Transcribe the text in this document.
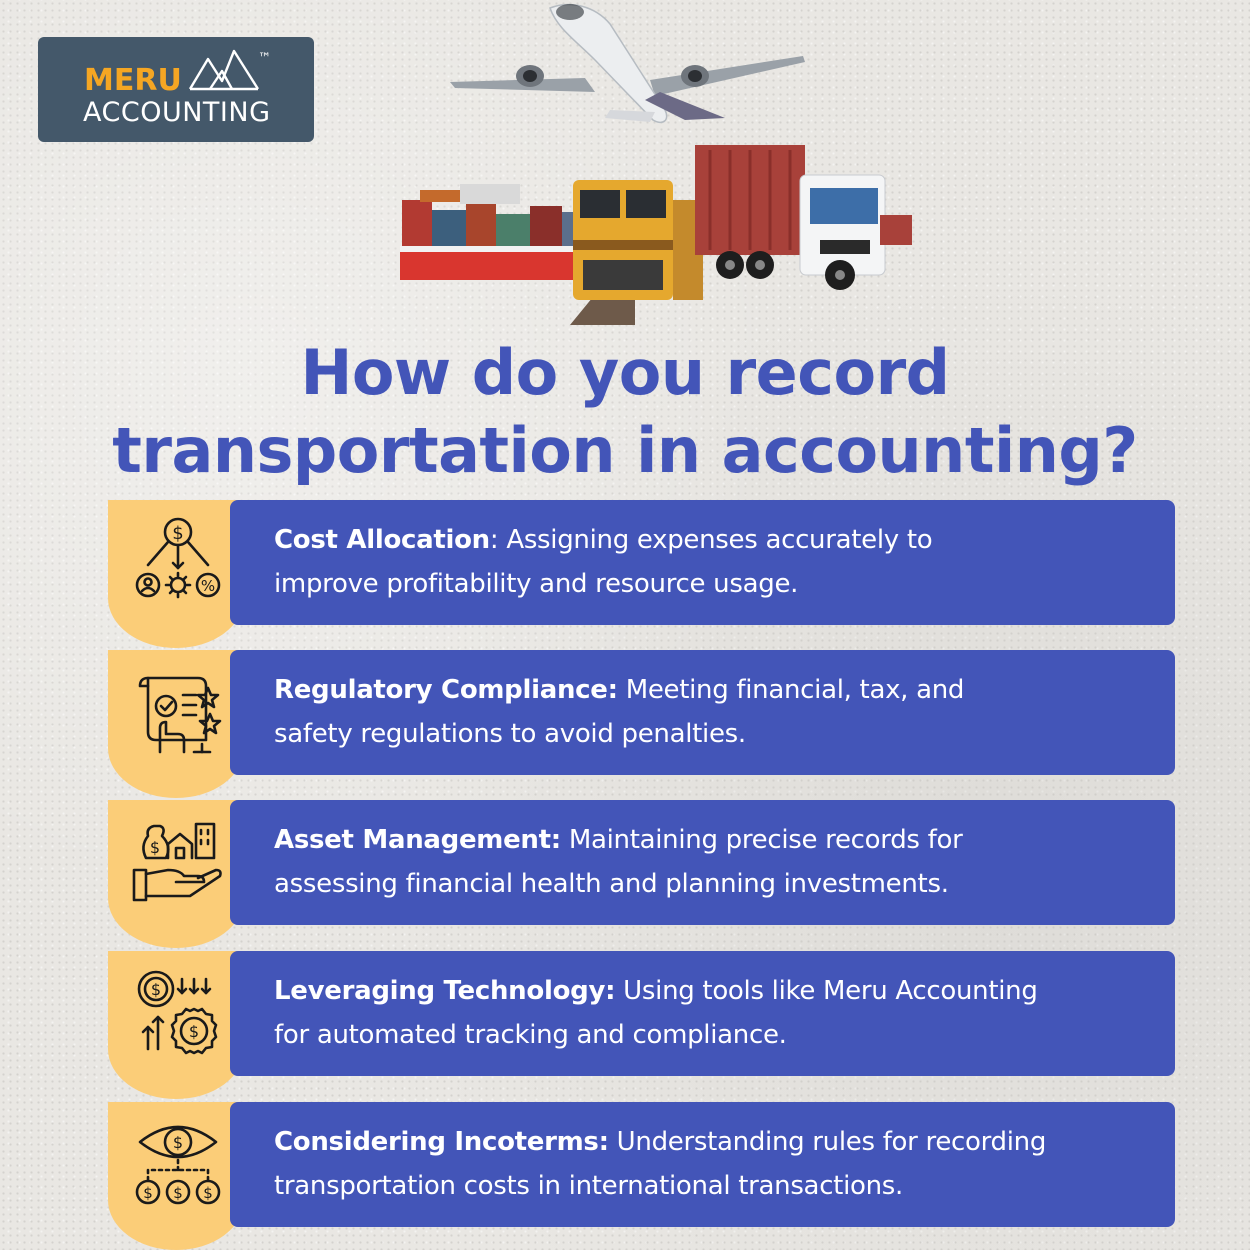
MERU
™
ACCOUNTING
How do you record
transportation in accounting?
$
%
Cost Allocation: Assigning expenses accurately to
improve profitability and resource usage.
Regulatory Compliance: Meeting financial, tax, and
safety regulations to avoid penalties.
$	Asset Management: Maintaining precise records for
assessing financial health and planning investments.
$
$
Leveraging Technology: Using tools like Meru Accounting
for automated tracking and compliance.
$
$ $ $
Considering Incoterms: Understanding rules for recording
transportation costs in international transactions.
